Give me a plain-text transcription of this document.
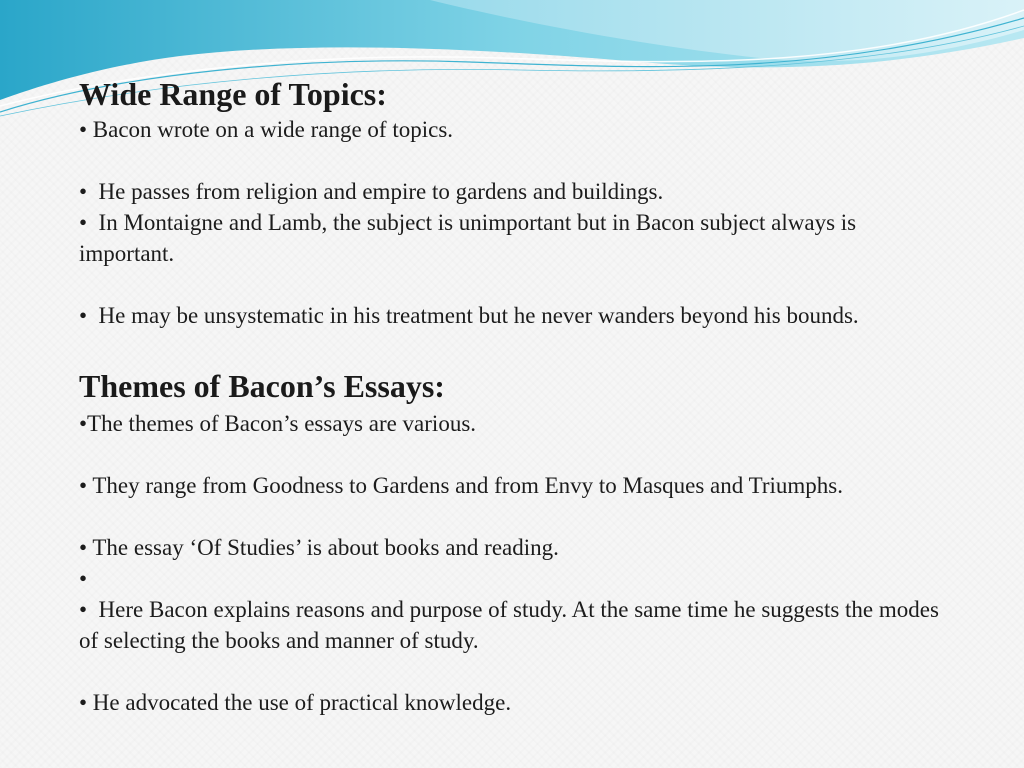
Wide Range of Topics:

• Bacon wrote on a wide range of topics.

•  He passes from religion and empire to gardens and buildings.

•  In Montaigne and Lamb, the subject is unimportant but in Bacon subject always is important.

•  He may be unsystematic in his treatment but he never wanders beyond his bounds.

Themes of Bacon’s Essays:

•The themes of Bacon’s essays are various.

• They range from Goodness to Gardens and from Envy to Masques and Triumphs.

• The essay ‘Of Studies’ is about books and reading.

•

•  Here Bacon explains reasons and purpose of study. At the same time he suggests the modes of selecting the books and manner of study.

• He advocated the use of practical knowledge.
